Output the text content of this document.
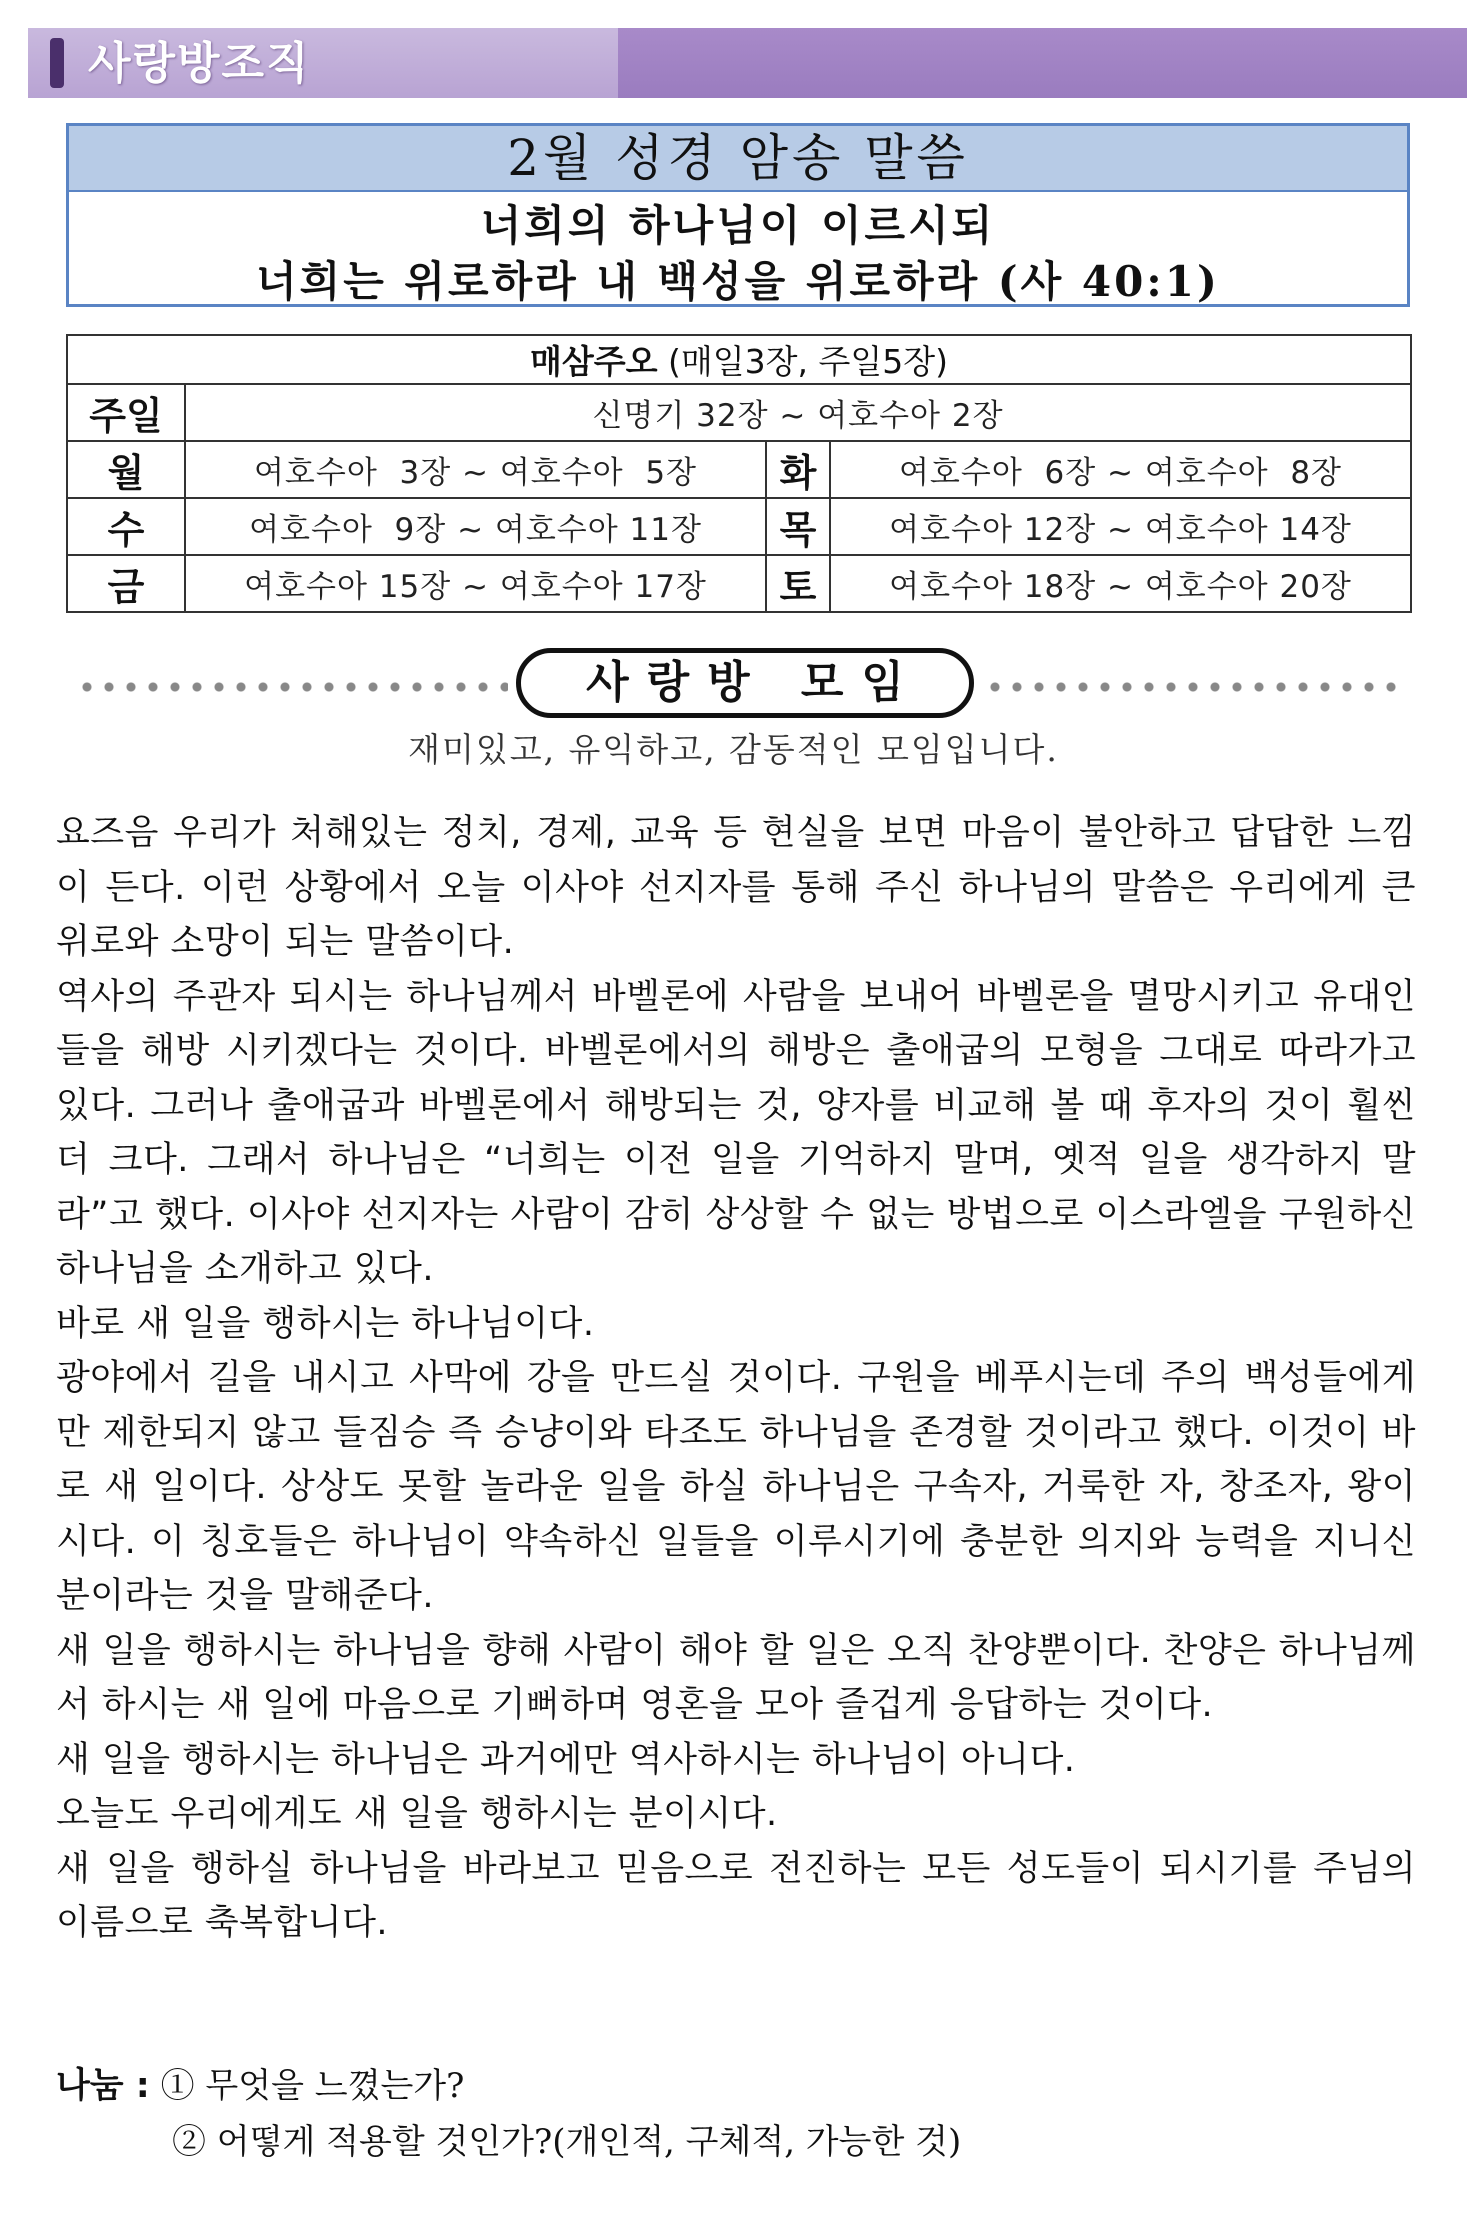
사랑방조직
2월 성경 암송 말씀
너희의 하나님이 이르시되
너희는 위로하라 내 백성을 위로하라 (사 40:1)
매삼주오 (매일3장, 주일5장)			
주일	신명기 32장 ~ 여호수아 2장		
월	여호수아  3장 ~ 여호수아  5장	화	여호수아  6장 ~ 여호수아  8장
수	여호수아  9장 ~ 여호수아 11장	목	여호수아 12장 ~ 여호수아 14장
금	여호수아 15장 ~ 여호수아 17장	토	여호수아 18장 ~ 여호수아 20장
사랑방 모임
재미있고, 유익하고, 감동적인 모임입니다.

요즈음 우리가 처해있는 정치, 경제, 교육 등 현실을 보면 마음이 불안하고 답답한 느낌이 든다. 이런 상황에서 오늘 이사야 선지자를 통해 주신 하나님의 말씀은 우리에게 큰 위로와 소망이 되는 말씀이다.

역사의 주관자 되시는 하나님께서 바벨론에 사람을 보내어 바벨론을 멸망시키고 유대인들을 해방 시키겠다는 것이다. 바벨론에서의 해방은 출애굽의 모형을 그대로 따라가고 있다. 그러나 출애굽과 바벨론에서 해방되는 것, 양자를 비교해 볼 때 후자의 것이 훨씬 더 크다. 그래서 하나님은 “너희는 이전 일을 기억하지 말며, 옛적 일을 생각하지 말라”고 했다. 이사야 선지자는 사람이 감히 상상할 수 없는 방법으로 이스라엘을 구원하신 하나님을 소개하고 있다.

바로 새 일을 행하시는 하나님이다.

광야에서 길을 내시고 사막에 강을 만드실 것이다. 구원을 베푸시는데 주의 백성들에게만 제한되지 않고 들짐승 즉 승냥이와 타조도 하나님을 존경할 것이라고 했다. 이것이 바로 새 일이다. 상상도 못할 놀라운 일을 하실 하나님은 구속자, 거룩한 자, 창조자, 왕이시다. 이 칭호들은 하나님이 약속하신 일들을 이루시기에 충분한 의지와 능력을 지니신 분이라는 것을 말해준다.

새 일을 행하시는 하나님을 향해 사람이 해야 할 일은 오직 찬양뿐이다. 찬양은 하나님께서 하시는 새 일에 마음으로 기뻐하며 영혼을 모아 즐겁게 응답하는 것이다.

새 일을 행하시는 하나님은 과거에만 역사하시는 하나님이 아니다.

오늘도 우리에게도 새 일을 행하시는 분이시다.

새 일을 행하실 하나님을 바라보고 믿음으로 전진하는 모든 성도들이 되시기를 주님의 이름으로 축복합니다.

나눔 : ① 무엇을 느꼈는가?
② 어떻게 적용할 것인가?(개인적, 구체적, 가능한 것)
